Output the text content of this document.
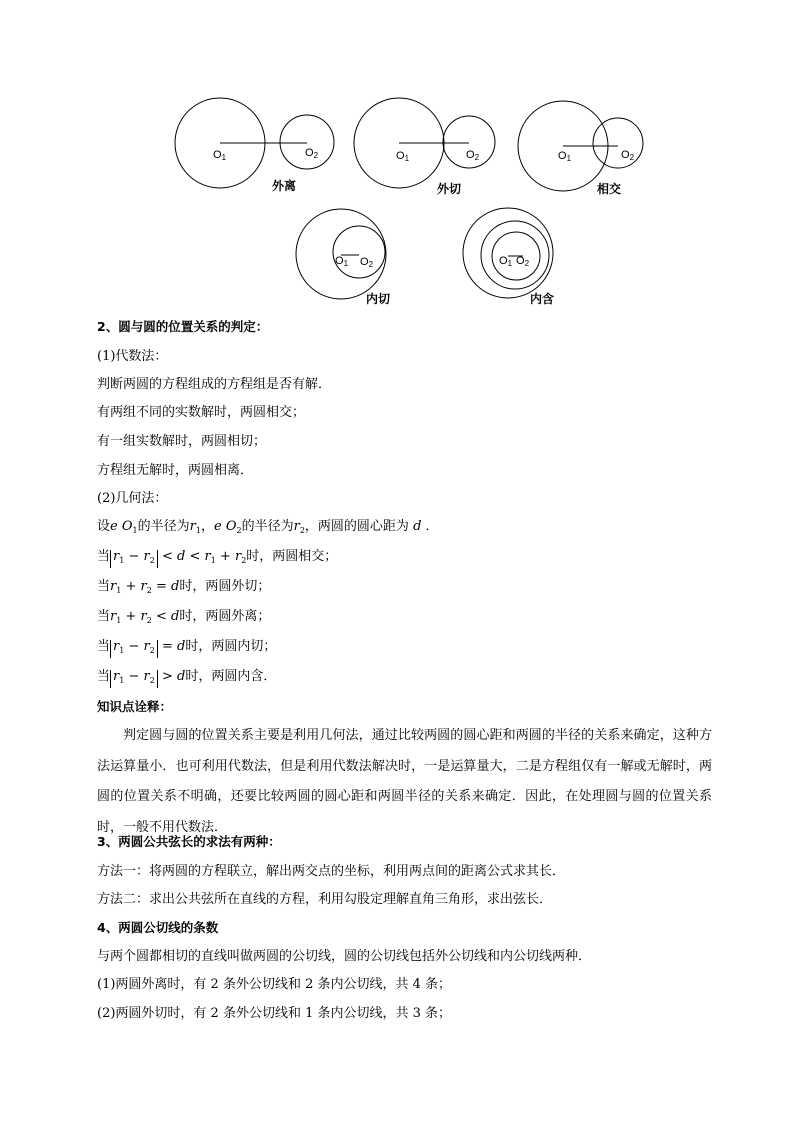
O1	O2
外离
O1	O2
外切
O1	O2
相交
O1 O2
内切
O1 O2
内含
2、圆与圆的位置关系的判定：
(1)代数法：
判断两圆的方程组成的方程组是否有解．
有两组不同的实数解时，两圆相交；
有一组实数解时，两圆相切；
方程组无解时，两圆相离．
(2)几何法：
设e $O_1$的半径为$r_1$，e $O_2$的半径为$r_2$，两圆的圆心距为 d ．
当 $r_1 - r_2 < d < r_1 + r_2$时，两圆相交；
当$r_1 + r_2 = d$时，两圆外切；
当$r_1 + r_2 < d$时，两圆外离；
当 $r_1 - r_2 = d$时，两圆内切；
当 $r_1 - r_2 > d$时，两圆内含．
知识点诠释：
判定圆与圆的位置关系主要是利用几何法，通过比较两圆的圆心距和两圆的半径的关系来确定，这种方法运算量小．也可利用代数法，但是利用代数法解决时，一是运算量大，二是方程组仅有一解或无解时，两圆的位置关系不明确，还要比较两圆的圆心距和两圆半径的关系来确定．因此，在处理圆与圆的位置关系时，一般不用代数法．
3、两圆公共弦长的求法有两种：
方法一：将两圆的方程联立，解出两交点的坐标，利用两点间的距离公式求其长．
方法二：求出公共弦所在直线的方程，利用勾股定理解直角三角形，求出弦长．
4、两圆公切线的条数
与两个圆都相切的直线叫做两圆的公切线，圆的公切线包括外公切线和内公切线两种．
(1)两圆外离时，有 2 条外公切线和 2 条内公切线，共 4 条；
(2)两圆外切时，有 2 条外公切线和 1 条内公切线，共 3 条；
